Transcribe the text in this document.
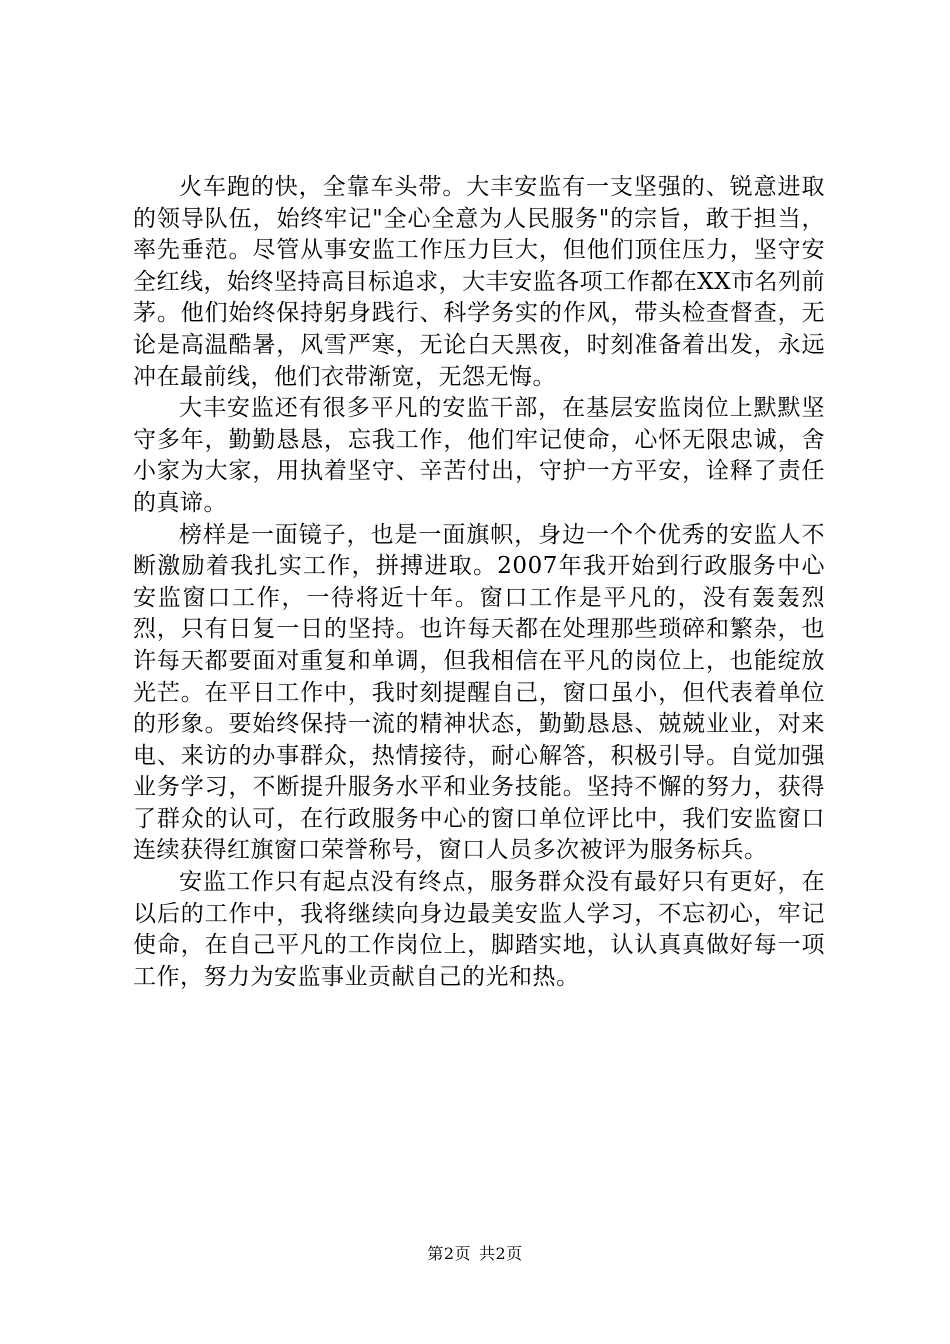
火车跑的快，全靠车头带。大丰安监有一支坚强的、锐意进取的领导队伍，始终牢记"全心全意为人民服务"的宗旨，敢于担当，率先垂范。尽管从事安监工作压力巨大，但他们顶住压力，坚守安全红线，始终坚持高目标追求，大丰安监各项工作都在XX市名列前茅。他们始终保持躬身践行、科学务实的作风，带头检查督查，无论是高温酷暑，风雪严寒，无论白天黑夜，时刻准备着出发，永远冲在最前线，他们衣带渐宽，无怨无悔。

大丰安监还有很多平凡的安监干部，在基层安监岗位上默默坚守多年，勤勤恳恳，忘我工作，他们牢记使命，心怀无限忠诚，舍小家为大家，用执着坚守、辛苦付出，守护一方平安，诠释了责任的真谛。

榜样是一面镜子，也是一面旗帜，身边一个个优秀的安监人不断激励着我扎实工作，拼搏进取。2007年我开始到行政服务中心安监窗口工作，一待将近十年。窗口工作是平凡的，没有轰轰烈烈，只有日复一日的坚持。也许每天都在处理那些琐碎和繁杂，也许每天都要面对重复和单调，但我相信在平凡的岗位上，也能绽放光芒。在平日工作中，我时刻提醒自己，窗口虽小，但代表着单位的形象。要始终保持一流的精神状态，勤勤恳恳、兢兢业业，对来电、来访的办事群众，热情接待，耐心解答，积极引导。自觉加强业务学习，不断提升服务水平和业务技能。坚持不懈的努力，获得了群众的认可，在行政服务中心的窗口单位评比中，我们安监窗口连续获得红旗窗口荣誉称号，窗口人员多次被评为服务标兵。

安监工作只有起点没有终点，服务群众没有最好只有更好，在以后的工作中，我将继续向身边最美安监人学习，不忘初心，牢记使命，在自己平凡的工作岗位上，脚踏实地，认认真真做好每一项工作，努力为安监事业贡献自己的光和热。

第2页 共2页
